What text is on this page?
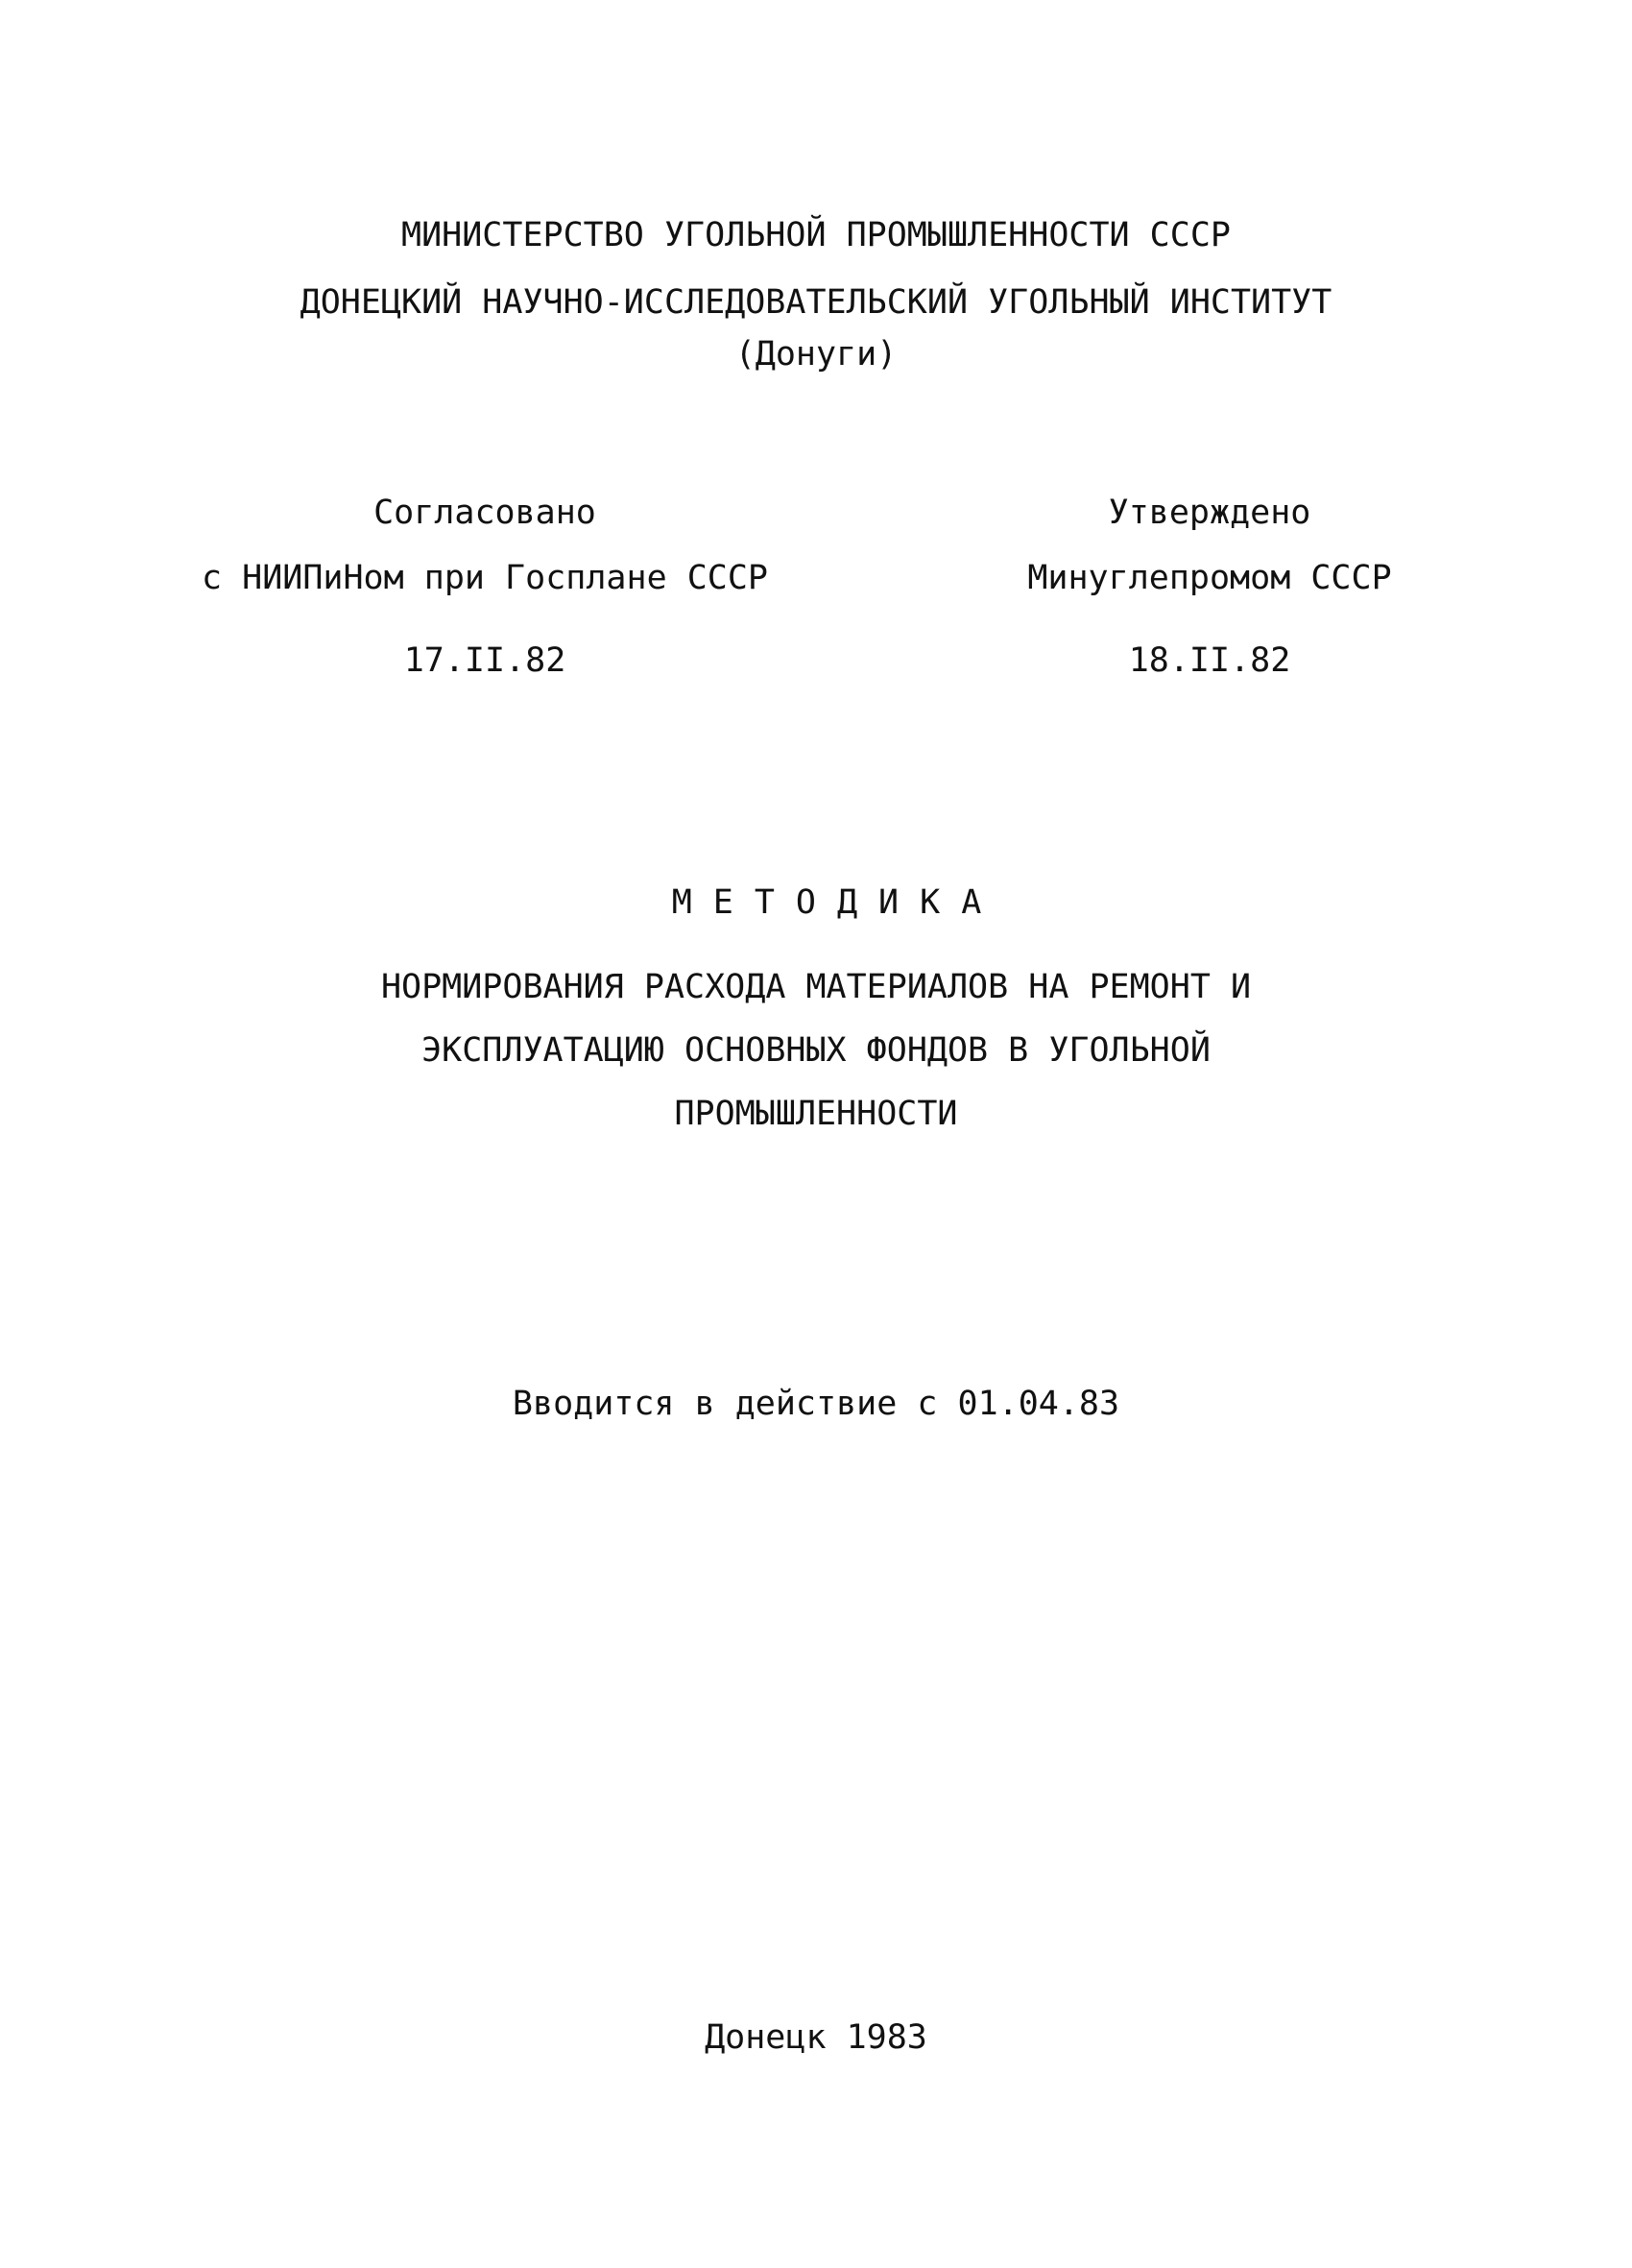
МИНИСТЕРСТВО УГОЛЬНОЙ ПРОМЫШЛЕННОСТИ СССР
ДОНЕЦКИЙ НАУЧНО-ИССЛЕДОВАТЕЛЬСКИЙ УГОЛЬНЫЙ ИНСТИТУТ
(Донуги)
Согласовано
с НИИПиНом при Госплане СССР
17.II.82
Утверждено
Минуглепромом СССР
18.II.82
МЕТОДИКА
НОРМИРОВАНИЯ РАСХОДА МАТЕРИАЛОВ НА РЕМОНТ И
ЭКСПЛУАТАЦИЮ ОСНОВНЫХ ФОНДОВ В УГОЛЬНОЙ
ПРОМЫШЛЕННОСТИ
Вводится в действие с 01.04.83
Донецк 1983
